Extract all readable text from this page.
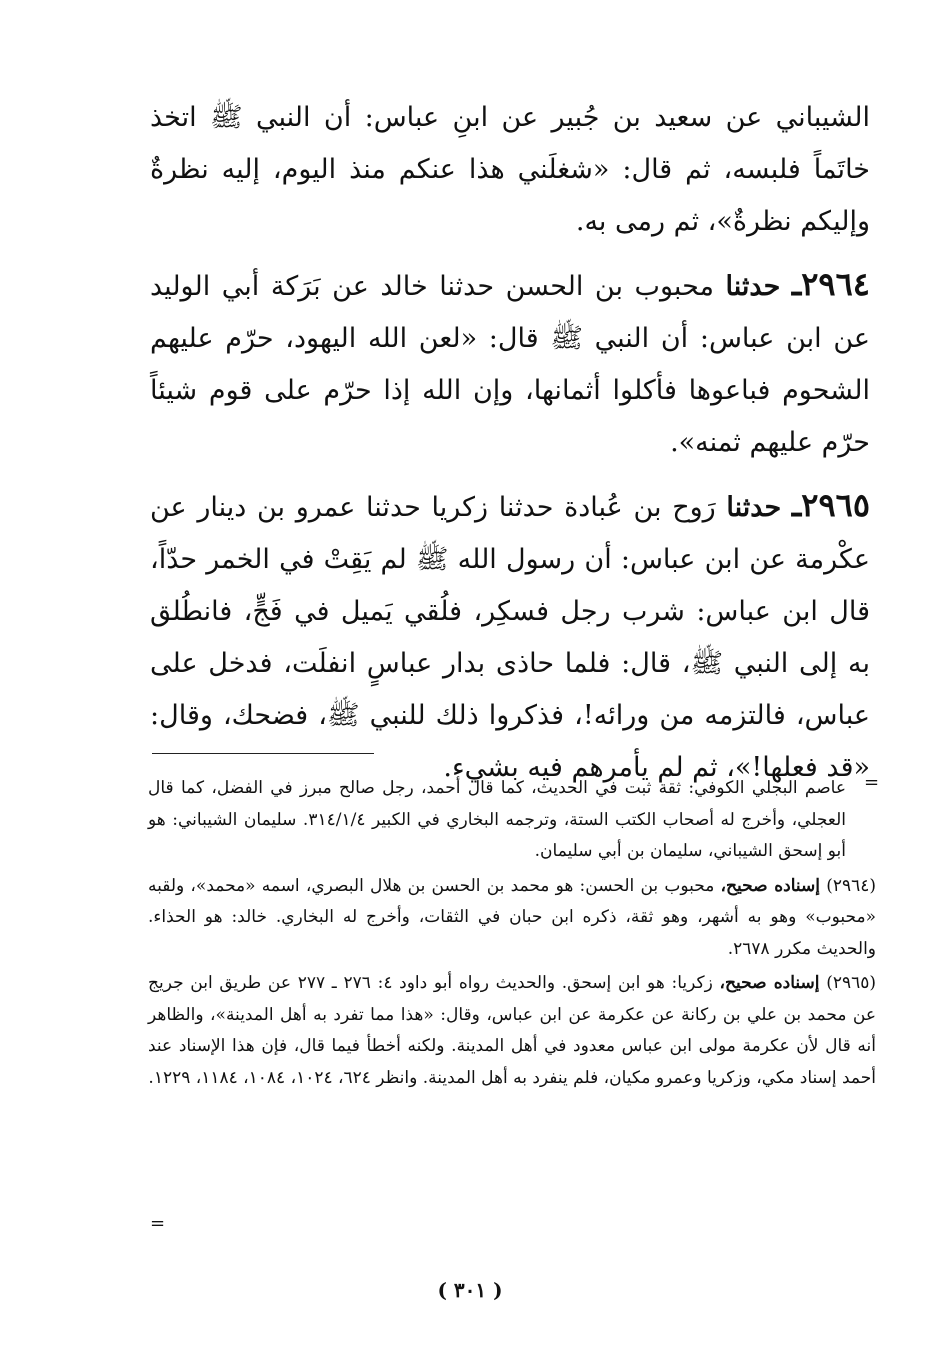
الشيباني عن سعيد بن جُبير عن ابنِ عباس: أن النبي ﷺ اتخذ خاتَماً فلبسه، ثم قال: «شغلَني هذا عنكم منذ اليوم، إليه نظرةٌ وإليكم نظرةٌ»، ثم رمى به.

٢٩٦٤ـ حدثنا محبوب بن الحسن حدثنا خالد عن بَرَكة أبي الوليد عن ابن عباس: أن النبي ﷺ قال: «لعن الله اليهود، حرّم عليهم الشحوم فباعوها فأكلوا أثمانها، وإن الله إذا حرّم على قوم شيئاً حرّم عليهم ثمنه».

٢٩٦٥ـ حدثنا رَوح بن عُبادة حدثنا زكريا حدثنا عمرو بن دينار عن عكْرمة عن ابن عباس: أن رسول الله ﷺ لم يَقِتْ في الخمر حدّاً، قال ابن عباس: شرب رجل فسكِر، فلُقي يَميل في فَجٍّ، فانطُلق به إلى النبي ﷺ، قال: فلما حاذى بدار عباسٍ انفلَت، فدخل على عباس، فالتزمه من ورائه!، فذكروا ذلك للنبي ﷺ، فضحك، وقال: «قد فعلها!»، ثم لم يأمرهم فيه بشيء.

=

عاصم البجلي الكوفي: ثقة ثبت في الحديث، كما قال أحمد، رجل صالح مبرز في الفضل، كما قال العجلي، وأخرج له أصحاب الكتب الستة، وترجمه البخاري في الكبير ٣١٤/١/٤. سليمان الشيباني: هو أبو إسحق الشيباني، سليمان بن أبي سليمان.

(٢٩٦٤) إسناده صحيح، محبوب بن الحسن: هو محمد بن الحسن بن هلال البصري، اسمه «محمد»، ولقبه «محبوب» وهو به أشهر، وهو ثقة، ذكره ابن حبان في الثقات، وأخرج له البخاري. خالد: هو الحذاء. والحديث مكرر ٢٦٧٨.

(٢٩٦٥) إسناده صحيح، زكريا: هو ابن إسحق. والحديث رواه أبو داود ٤: ٢٧٦ ـ ٢٧٧ عن طريق ابن جريج عن محمد بن علي بن ركانة عن عكرمة عن ابن عباس، وقال: «هذا مما تفرد به أهل المدينة»، والظاهر أنه قال لأن عكرمة مولى ابن عباس معدود في أهل المدينة. ولكنه أخطأ فيما قال، فإن هذا الإسناد عند أحمد إسناد مكي، وزكريا وعمرو مكيان، فلم ينفرد به أهل المدينة. وانظر ٦٢٤، ١٠٢٤، ١٠٨٤، ١١٨٤، ١٢٢٩.

=
( ٣٠١ )
